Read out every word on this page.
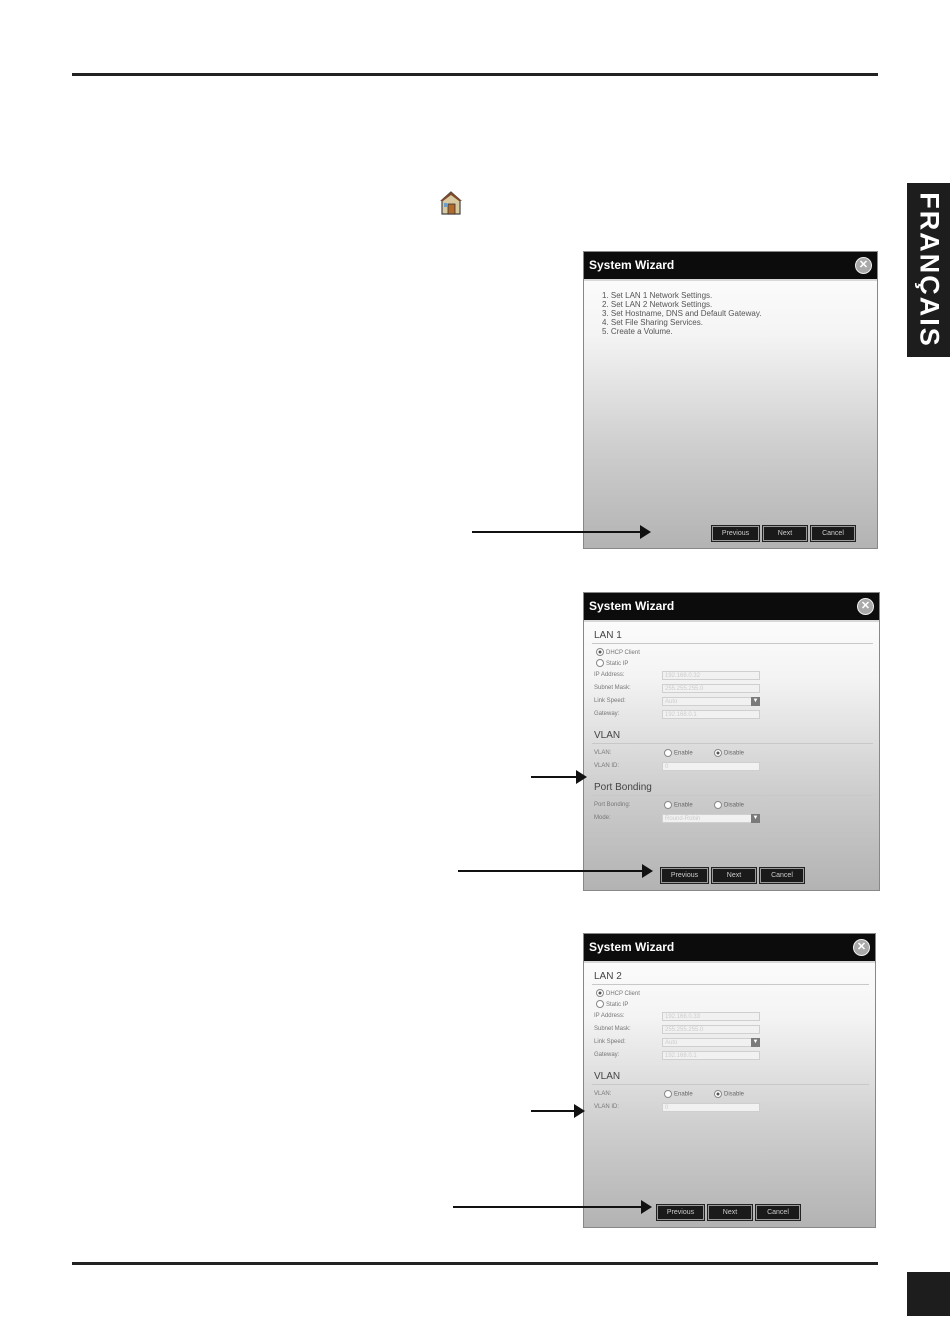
FRANÇAIS
System Wizard	✕
1. Set LAN 1 Network Settings.
2. Set LAN 2 Network Settings.
3. Set Hostname, DNS and Default Gateway.
4. Set File Sharing Services.
5. Create a Volume.
Previous	Next	Cancel
System Wizard	✕
LAN 1
DHCP Client
Static IP
IP Address:	192.168.0.32
Subnet Mask:	255.255.255.0
Link Speed:	Auto	▼
Gateway:	192.168.0.1
VLAN
VLAN:	Enable	Disable
VLAN ID:	0
Port Bonding
Port Bonding:	Enable	Disable
Mode:	Round-Robin	▼
Previous	Next	Cancel
System Wizard	✕
LAN 2
DHCP Client
Static IP
IP Address:	192.168.0.33
Subnet Mask:	255.255.255.0
Link Speed:	Auto	▼
Gateway:	192.168.0.1
VLAN
VLAN:	Enable	Disable
VLAN ID:	0
Previous	Next	Cancel
